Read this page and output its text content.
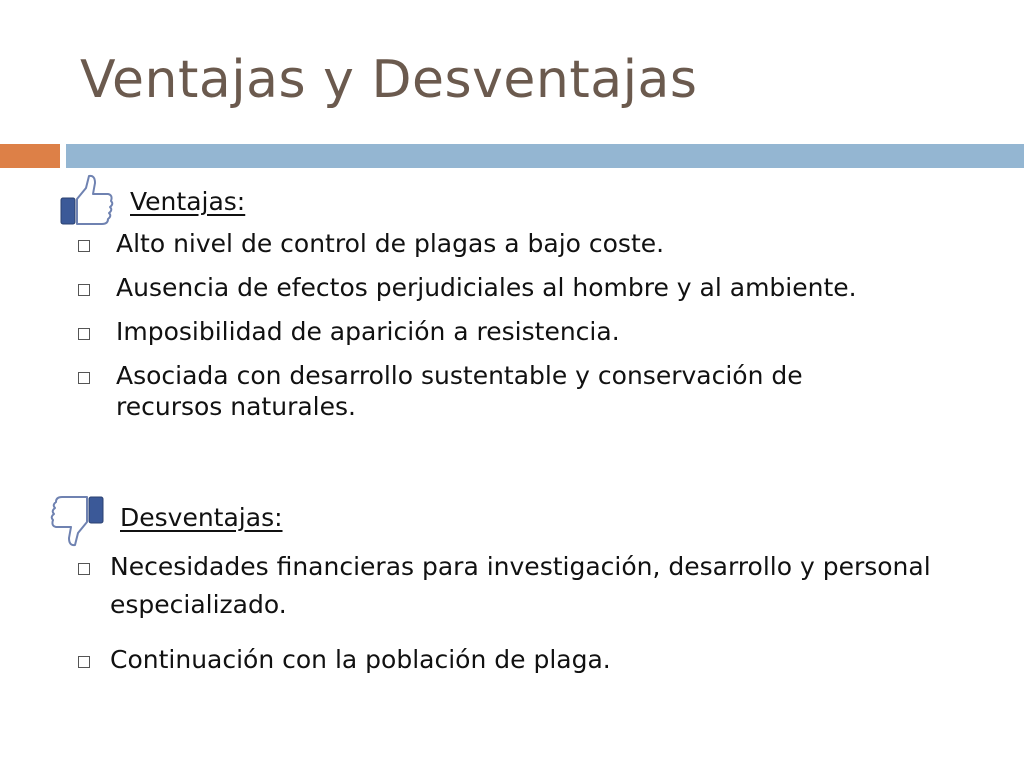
Ventajas y Desventajas
Ventajas:
Alto nivel de control de plagas a bajo coste.
Ausencia de efectos perjudiciales al hombre y al ambiente.
Imposibilidad de aparición a resistencia.
Asociada con desarrollo sustentable y conservación de recursos naturales.
Desventajas:
Necesidades financieras para investigación, desarrollo y personal especializado.
Continuación con la población de plaga.
